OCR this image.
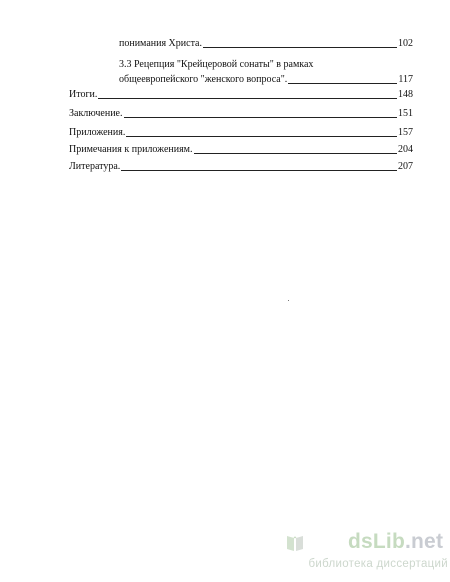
понимания Христа.	102
3.3 Рецепция "Крейцеровой сонаты" в рамках
общеевропейского "женского вопроса".	117
Итоги.	148
Заключение.	151
Приложения.	157
Примечания к приложениям.	204
Литература.	207
dsLib.net
библиотека диссертаций
